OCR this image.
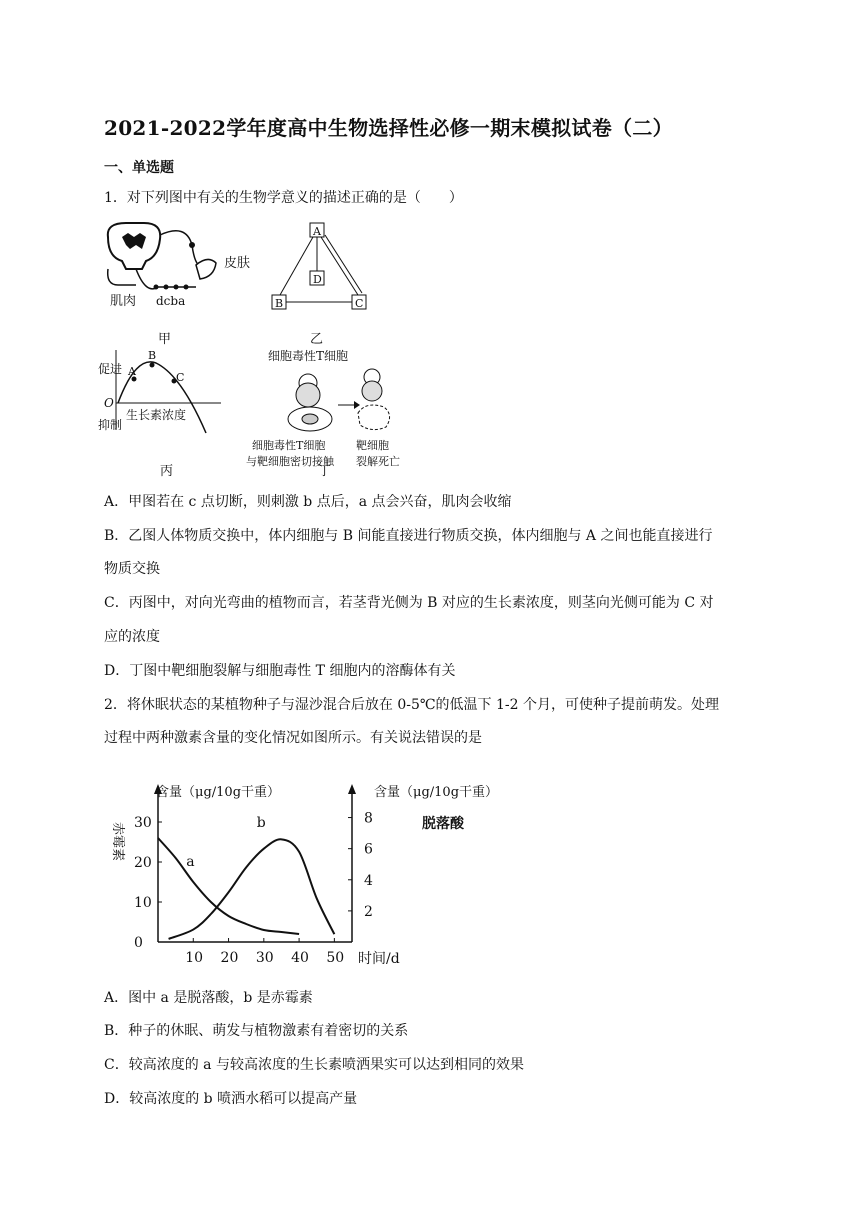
2021-2022学年度高中生物选择性必修一期末模拟试卷（二）
一、单选题
1．对下列图中有关的生物学意义的描述正确的是（　　）
皮肤
肌肉 dcba
甲
A
B	C
D
乙
促进
抑制
O
生长素浓度
A
B
C
丙
细胞毒性T细胞
细胞毒性T细胞
与靶细胞密切接触
靶细胞
裂解死亡
丁
A．甲图若在 c 点切断，则刺激 b 点后，a 点会兴奋，肌肉会收缩
B．乙图人体物质交换中，体内细胞与 B 间能直接进行物质交换，体内细胞与 A 之间也能直接进行
物质交换
C．丙图中，对向光弯曲的植物而言，若茎背光侧为 B 对应的生长素浓度，则茎向光侧可能为 C 对
应的浓度
D．丁图中靶细胞裂解与细胞毒性 T 细胞内的溶酶体有关
2．将休眠状态的某植物种子与湿沙混合后放在 0-5℃的低温下 1-2 个月，可使种子提前萌发。处理
过程中两种激素含量的变化情况如图所示。有关说法错误的是
含量（μg/10g干重）	含量（μg/10g干重）
脱落酸
时间/d
赤霉素
10 20 30 40 50
0
10
20
30
2
4
6
8
a
b
A．图中 a 是脱落酸，b 是赤霉素
B．种子的休眠、萌发与植物激素有着密切的关系
C．较高浓度的 a 与较高浓度的生长素喷洒果实可以达到相同的效果
D．较高浓度的 b 喷洒水稻可以提高产量
